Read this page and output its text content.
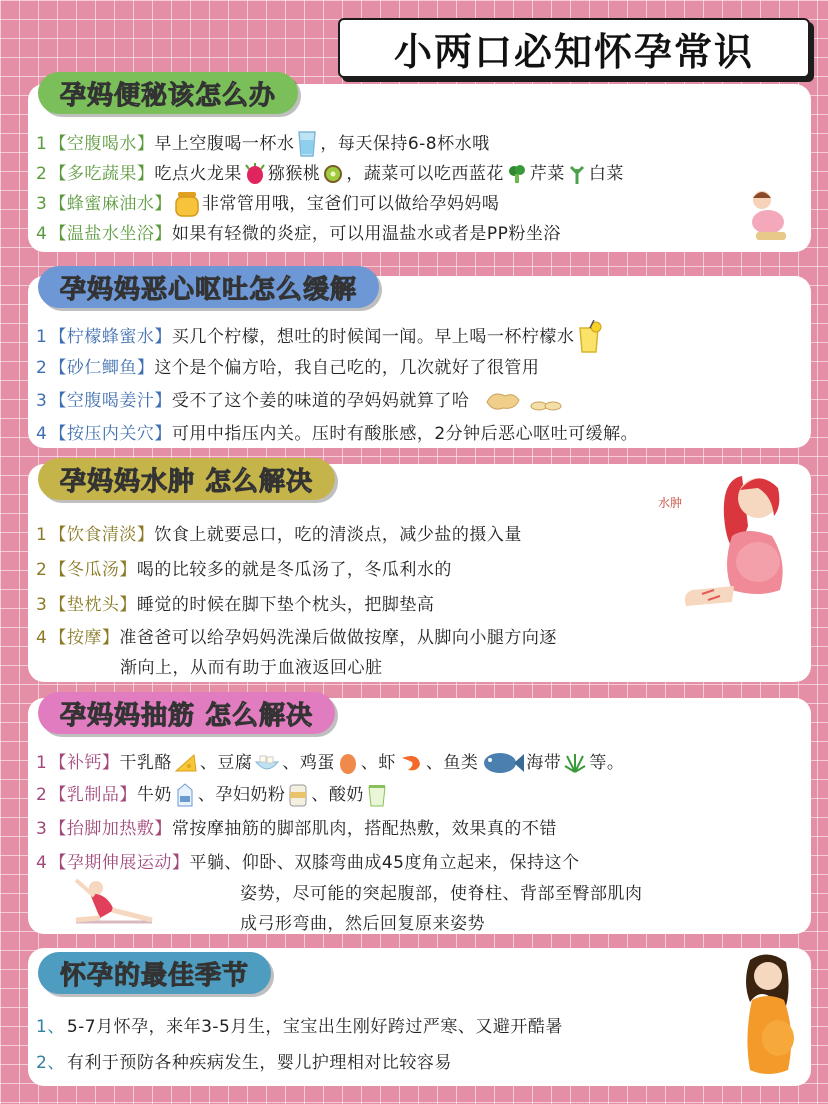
小两口必知怀孕常识
孕妈便秘该怎么办
1 【空腹喝水】早上空腹喝一杯水 ，每天保持6-8杯水哦
2 【多吃蔬果】吃点火龙果 猕猴桃 ，蔬菜可以吃西蓝花 芹菜 白菜
3 【蜂蜜麻油水】 非常管用哦，宝爸们可以做给孕妈妈喝
4 【温盐水坐浴】如果有轻微的炎症，可以用温盐水或者是PP粉坐浴
孕妈妈恶心呕吐怎么缓解
1 【柠檬蜂蜜水】买几个柠檬，想吐的时候闻一闻。早上喝一杯柠檬水
2 【砂仁鲫鱼】这个是个偏方哈，我自己吃的，几次就好了很管用
3 【空腹喝姜汁】受不了这个姜的味道的孕妈妈就算了哈
4 【按压内关穴】可用中指压内关。压时有酸胀感，2分钟后恶心呕吐可缓解。
孕妈妈水肿 怎么解决
1 【饮食清淡】饮食上就要忌口，吃的清淡点，减少盐的摄入量
2 【冬瓜汤】喝的比较多的就是冬瓜汤了，冬瓜利水的
3 【垫枕头】睡觉的时候在脚下垫个枕头，把脚垫高
4 【按摩】准爸爸可以给孕妈妈洗澡后做做按摩，从脚向小腿方向逐
渐向上，从而有助于血液返回心脏
水肿
孕妈妈抽筋 怎么解决
1 【补钙】干乳酪 、豆腐 、鸡蛋 、虾 、鱼类	海带 等。
2 【乳制品】牛奶 、孕妇奶粉 、酸奶
3 【抬脚加热敷】常按摩抽筋的脚部肌肉，搭配热敷，效果真的不错
4 【孕期伸展运动】平躺、仰卧、双膝弯曲成45度角立起来，保持这个
姿势，尽可能的突起腹部，使脊柱、背部至臀部肌肉
成弓形弯曲，然后回复原来姿势
怀孕的最佳季节
1、 5-7月怀孕，来年3-5月生，宝宝出生刚好跨过严寒、又避开酷暑
2、 有利于预防各种疾病发生，婴儿护理相对比较容易
